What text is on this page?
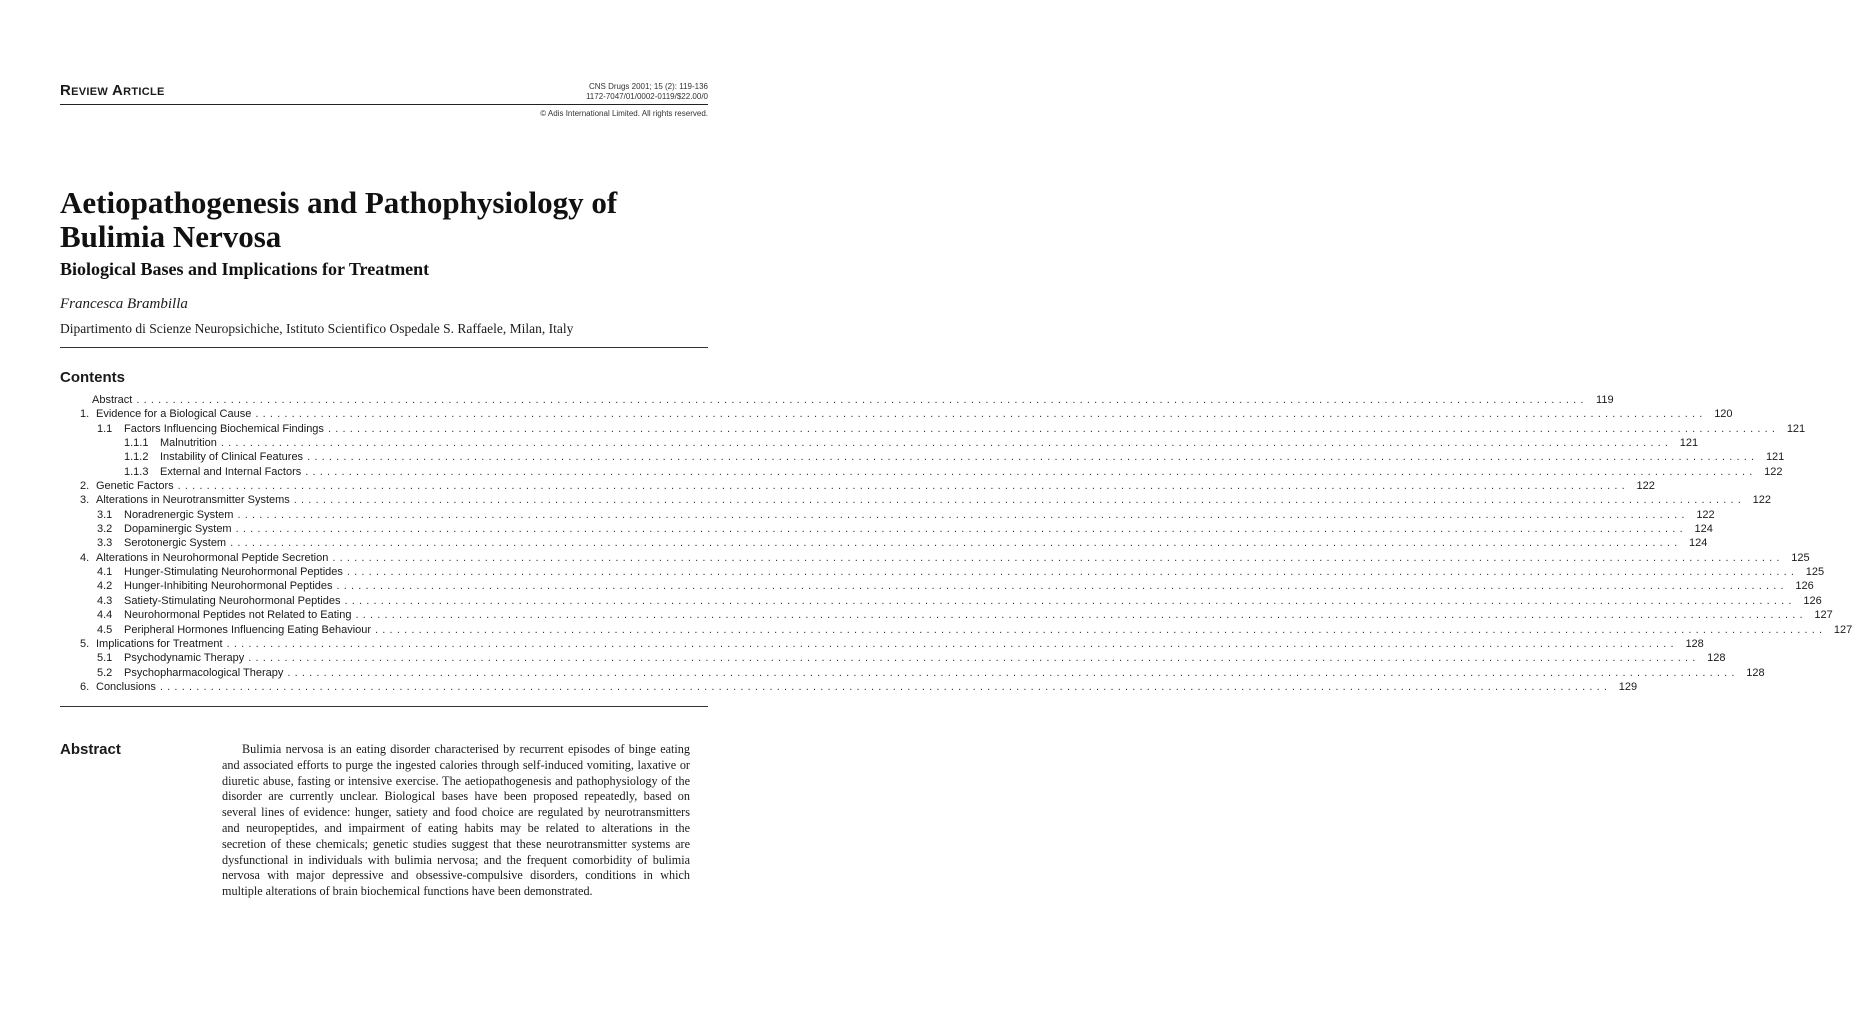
Review Article	CNS Drugs 2001; 15 (2): 119-136
1172-7047/01/0002-0119/$22.00/0
© Adis International Limited. All rights reserved.
Aetiopathogenesis and Pathophysiology of Bulimia Nervosa
Biological Bases and Implications for Treatment
Francesca Brambilla
Dipartimento di Scienze Neuropsichiche, Istituto Scientifico Ospedale S. Raffaele, Milan, Italy
Contents
Abstract ........................................................................................................................................................................................................ 119
1. Evidence for a Biological Cause ........................................................................................................................................................................................................ 120
1.1	Factors Influencing Biochemical Findings ........................................................................................................................................................................................................ 121
1.1.1	Malnutrition ........................................................................................................................................................................................................ 121
1.1.2	Instability of Clinical Features ........................................................................................................................................................................................................ 121
1.1.3	External and Internal Factors ........................................................................................................................................................................................................ 122
2. Genetic Factors ........................................................................................................................................................................................................ 122
3. Alterations in Neurotransmitter Systems ........................................................................................................................................................................................................ 122
3.1	Noradrenergic System ........................................................................................................................................................................................................ 122
3.2	Dopaminergic System ........................................................................................................................................................................................................ 124
3.3	Serotonergic System ........................................................................................................................................................................................................ 124
4. Alterations in Neurohormonal Peptide Secretion ........................................................................................................................................................................................................ 125
4.1	Hunger-Stimulating Neurohormonal Peptides ........................................................................................................................................................................................................ 125
4.2	Hunger-Inhibiting Neurohormonal Peptides ........................................................................................................................................................................................................ 126
4.3	Satiety-Stimulating Neurohormonal Peptides ........................................................................................................................................................................................................ 126
4.4	Neurohormonal Peptides not Related to Eating ........................................................................................................................................................................................................ 127
4.5	Peripheral Hormones Influencing Eating Behaviour ........................................................................................................................................................................................................ 127
5. Implications for Treatment ........................................................................................................................................................................................................ 128
5.1	Psychodynamic Therapy ........................................................................................................................................................................................................ 128
5.2	Psychopharmacological Therapy ........................................................................................................................................................................................................ 128
6. Conclusions ........................................................................................................................................................................................................ 129
Abstract	Bulimia nervosa is an eating disorder characterised by recurrent episodes of binge eating and associated efforts to purge the ingested calories through self-induced vomiting, laxative or diuretic abuse, fasting or intensive exercise. The aetiopathogenesis and pathophysiology of the disorder are currently unclear. Biological bases have been proposed repeatedly, based on several lines of evidence: hunger, satiety and food choice are regulated by neurotransmitters and neuropeptides, and impairment of eating habits may be related to alterations in the secretion of these chemicals; genetic studies suggest that these neurotransmitter systems are dysfunctional in individuals with bulimia nervosa; and the frequent comorbidity of bulimia nervosa with major depressive and obsessive-compulsive disorders, conditions in which multiple alterations of brain biochemical functions have been demonstrated.
